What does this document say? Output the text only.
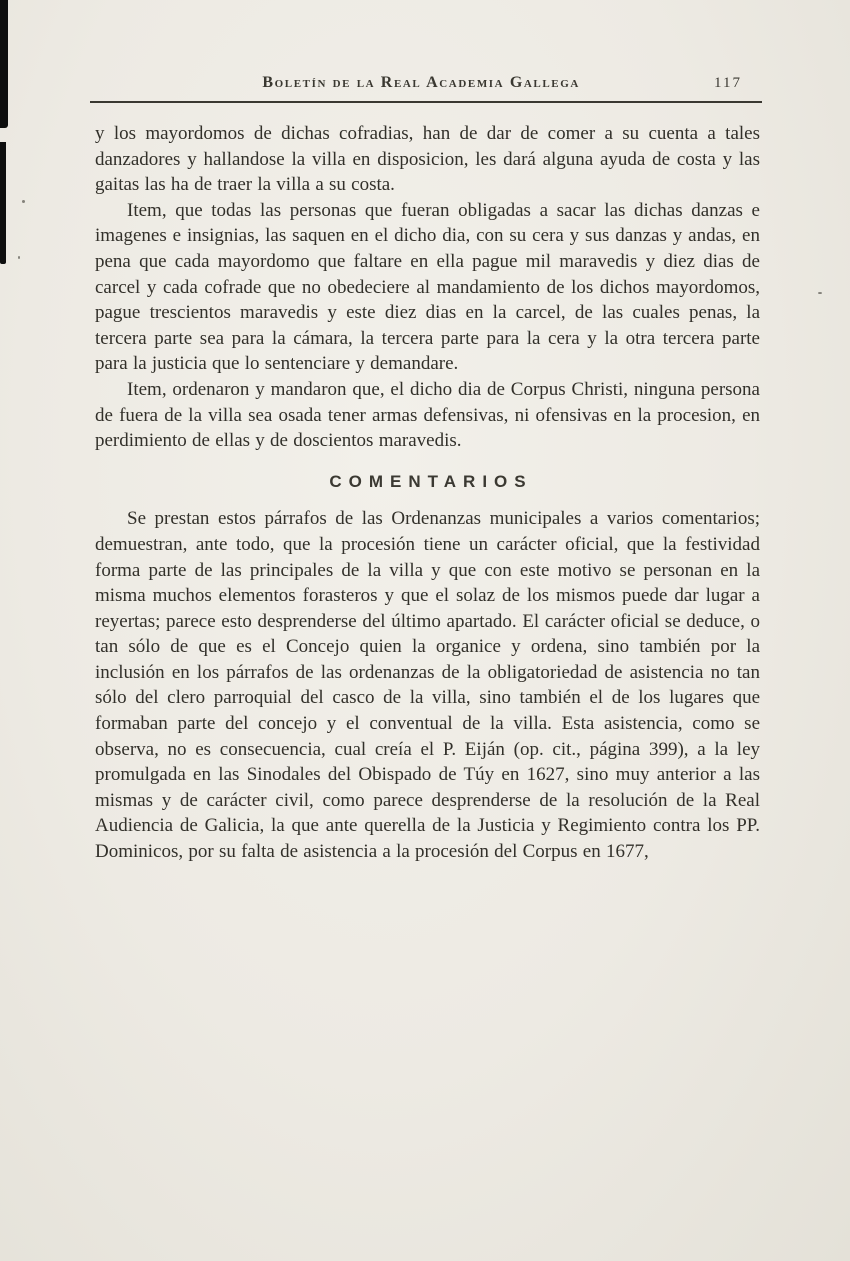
Boletín de la Real Academia Gallega	117

y los mayordomos de dichas cofradias, han de dar de comer a su cuenta a tales danzadores y hallandose la villa en disposicion, les dará alguna ayuda de costa y las gaitas las ha de traer la villa a su costa.

Item, que todas las personas que fueran obligadas a sacar las dichas danzas e imagenes e insignias, las saquen en el dicho dia, con su cera y sus danzas y andas, en pena que cada mayordomo que faltare en ella pague mil maravedis y diez dias de carcel y cada cofrade que no obedeciere al mandamiento de los dichos mayordomos, pague trescientos maravedis y este diez dias en la carcel, de las cuales penas, la tercera parte sea para la cámara, la tercera parte para la cera y la otra tercera parte para la justicia que lo sentenciare y demandare.

Item, ordenaron y mandaron que, el dicho dia de Corpus Christi, ninguna persona de fuera de la villa sea osada tener armas defensivas, ni ofensivas en la procesion, en perdimiento de ellas y de doscientos maravedis.

COMENTARIOS

Se prestan estos párrafos de las Ordenanzas municipales a varios comentarios; demuestran, ante todo, que la procesión tiene un carácter oficial, que la festividad forma parte de las principales de la villa y que con este motivo se personan en la misma muchos elementos forasteros y que el solaz de los mismos puede dar lugar a reyertas; parece esto desprenderse del último apartado. El carácter oficial se deduce, o tan sólo de que es el Concejo quien la organice y ordena, sino también por la inclusión en los párrafos de las ordenanzas de la obligatoriedad de asistencia no tan sólo del clero parroquial del casco de la villa, sino también el de los lugares que formaban parte del concejo y el conventual de la villa. Esta asistencia, como se observa, no es consecuencia, cual creía el P. Eiján (op. cit., página 399), a la ley promulgada en las Sinodales del Obispado de Túy en 1627, sino muy anterior a las mismas y de carácter civil, como parece desprenderse de la resolución de la Real Audiencia de Galicia, la que ante querella de la Justicia y Regimiento contra los PP. Dominicos, por su falta de asistencia a la procesión del Corpus en 1677,
